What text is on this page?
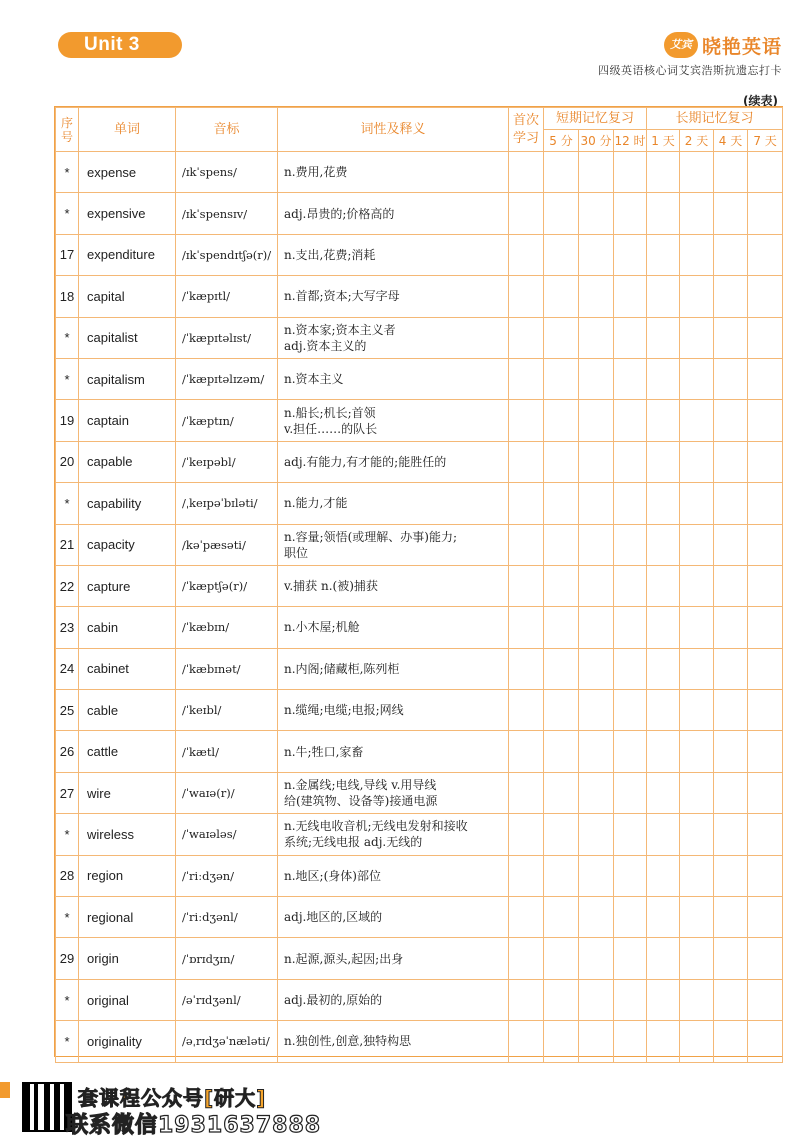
Unit 3	艾宾 晓艳英语
四级英语核心词艾宾浩斯抗遗忘打卡
(续表)
序号	单词	音标	词性及释义	首次学习	短期记忆复习			长期记忆复习			
					5 分	30 分	12 时	1 天	2 天	4 天	7 天
*	expense	/ɪkˈspens/	n.费用,花费								

*	expensive	/ɪkˈspensɪv/	adj.昂贵的;价格高的								

17	expenditure	/ɪkˈspendɪtʃə(r)/	n.支出,花费;消耗								

18	capital	/ˈkæpɪtl/	n.首都;资本;大写字母								

*	capitalist	/ˈkæpɪtəlɪst/	n.资本家;资本主义者
adj.资本主义的								

*	capitalism	/ˈkæpɪtəlɪzəm/	n.资本主义								

19	captain	/ˈkæptɪn/	n.船长;机长;首领
v.担任……的队长								

20	capable	/ˈkeɪpəbl/	adj.有能力,有才能的;能胜任的								

*	capability	/ˌkeɪpəˈbɪləti/	n.能力,才能								

21	capacity	/kəˈpæsəti/	n.容量;领悟(或理解、办事)能力;
职位								

22	capture	/ˈkæptʃə(r)/	v.捕获 n.(被)捕获								

23	cabin	/ˈkæbɪn/	n.小木屋;机舱								

24	cabinet	/ˈkæbɪnət/	n.内阁;储藏柜,陈列柜								

25	cable	/ˈkeɪbl/	n.缆绳;电缆;电报;网线								

26	cattle	/ˈkætl/	n.牛;牲口,家畜								

27	wire	/ˈwaɪə(r)/	n.金属线;电线,导线 v.用导线
给(建筑物、设备等)接通电源								

*	wireless	/ˈwaɪələs/	n.无线电收音机;无线电发射和接收
系统;无线电报 adj.无线的								

28	region	/ˈriːdʒən/	n.地区;(身体)部位								

*	regional	/ˈriːdʒənl/	adj.地区的,区域的								

29	origin	/ˈɒrɪdʒɪn/	n.起源,源头,起因;出身								

*	original	/əˈrɪdʒənl/	adj.最初的,原始的								

*	originality	/əˌrɪdʒəˈnæləti/	n.独创性,创意,独特构思								

套课程公众号[研大]
联系微信1931637888
